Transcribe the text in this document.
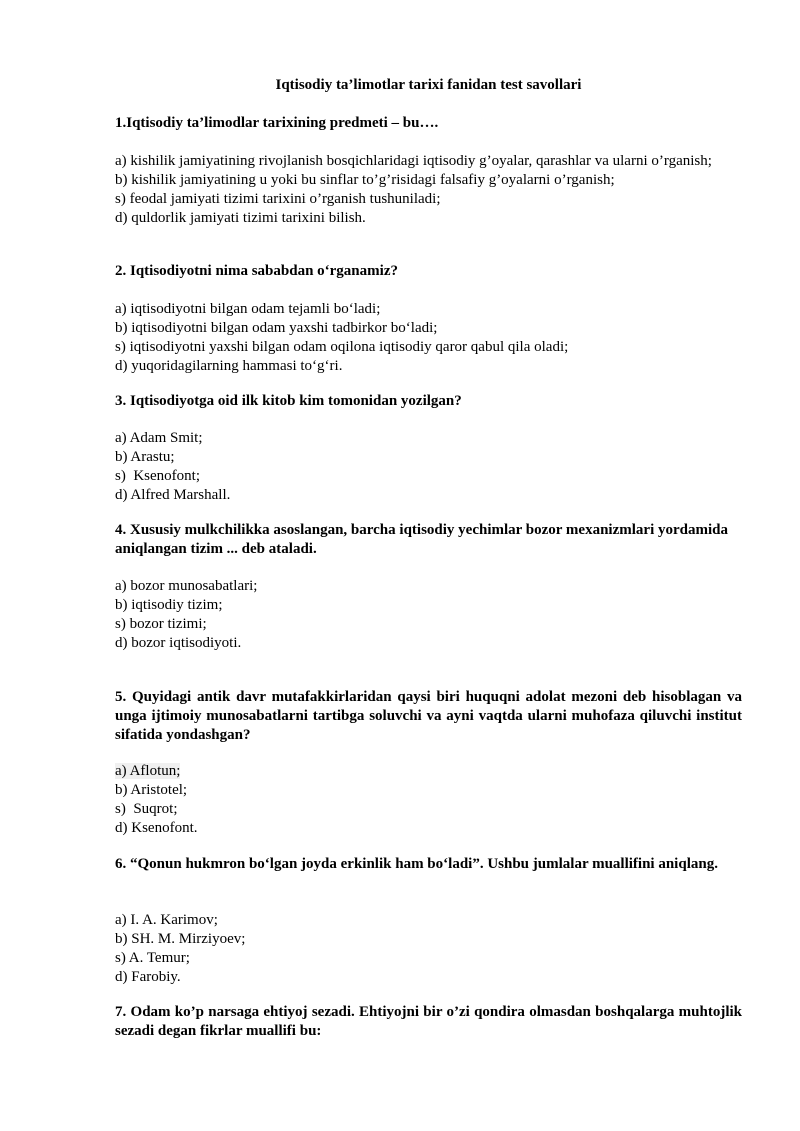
Iqtisodiy ta’limotlar tarixi fanidan test savollari
1.Iqtisodiy ta’limodlar tarixining predmeti – bu….
a) kishilik jamiyatining rivojlanish bosqichlaridagi iqtisodiy g’oyalar, qarashlar va ularni o’rganish;
b) kishilik jamiyatining u yoki bu sinflar to’g’risidagi falsafiy g’oyalarni o’rganish;
s) feodal jamiyati tizimi tarixini o’rganish tushuniladi;
d) quldorlik jamiyati tizimi tarixini bilish.
2. Iqtisodiyotni nima sababdan o‘rganamiz?
a) iqtisodiyotni bilgan odam tejamli bo‘ladi;
b) iqtisodiyotni bilgan odam yaxshi tadbirkor bo‘ladi;
s) iqtisodiyotni yaxshi bilgan odam oqilona iqtisodiy qaror qabul qila oladi;
d) yuqoridagilarning hammasi to‘g‘ri.
3. Iqtisodiyotga oid ilk kitob kim tomonidan yozilgan?
a) Adam Smit;
b) Arastu;
s)  Ksenofont;
d) Alfred Marshall.
4. Xususiy mulkchilikka asoslangan, barcha iqtisodiy yechimlar bozor mexanizmlari yordamida aniqlangan tizim ... deb ataladi.
a) bozor munosabatlari;
b) iqtisodiy tizim;
s) bozor tizimi;
d) bozor iqtisodiyoti.
5. Quyidagi antik davr mutafakkirlaridan qaysi biri huquqni adolat mezoni deb hisoblagan va unga ijtimoiy munosabatlarni tartibga soluvchi va ayni vaqtda ularni muhofaza qiluvchi institut sifatida yondashgan?
a) Aflotun;
b) Aristotel;
s)  Suqrot;
d) Ksenofont.
6. “Qonun hukmron bo‘lgan joyda erkinlik ham bo‘ladi”. Ushbu jumlalar muallifini aniqlang.
a) I. A. Karimov;
b) SH. M. Mirziyoev;
s) A. Temur;
d) Farobiy.
7. Odam ko’p narsaga ehtiyoj sezadi. Ehtiyojni bir o’zi qondira olmasdan boshqalarga muhtojlik sezadi degan fikrlar muallifi bu:
